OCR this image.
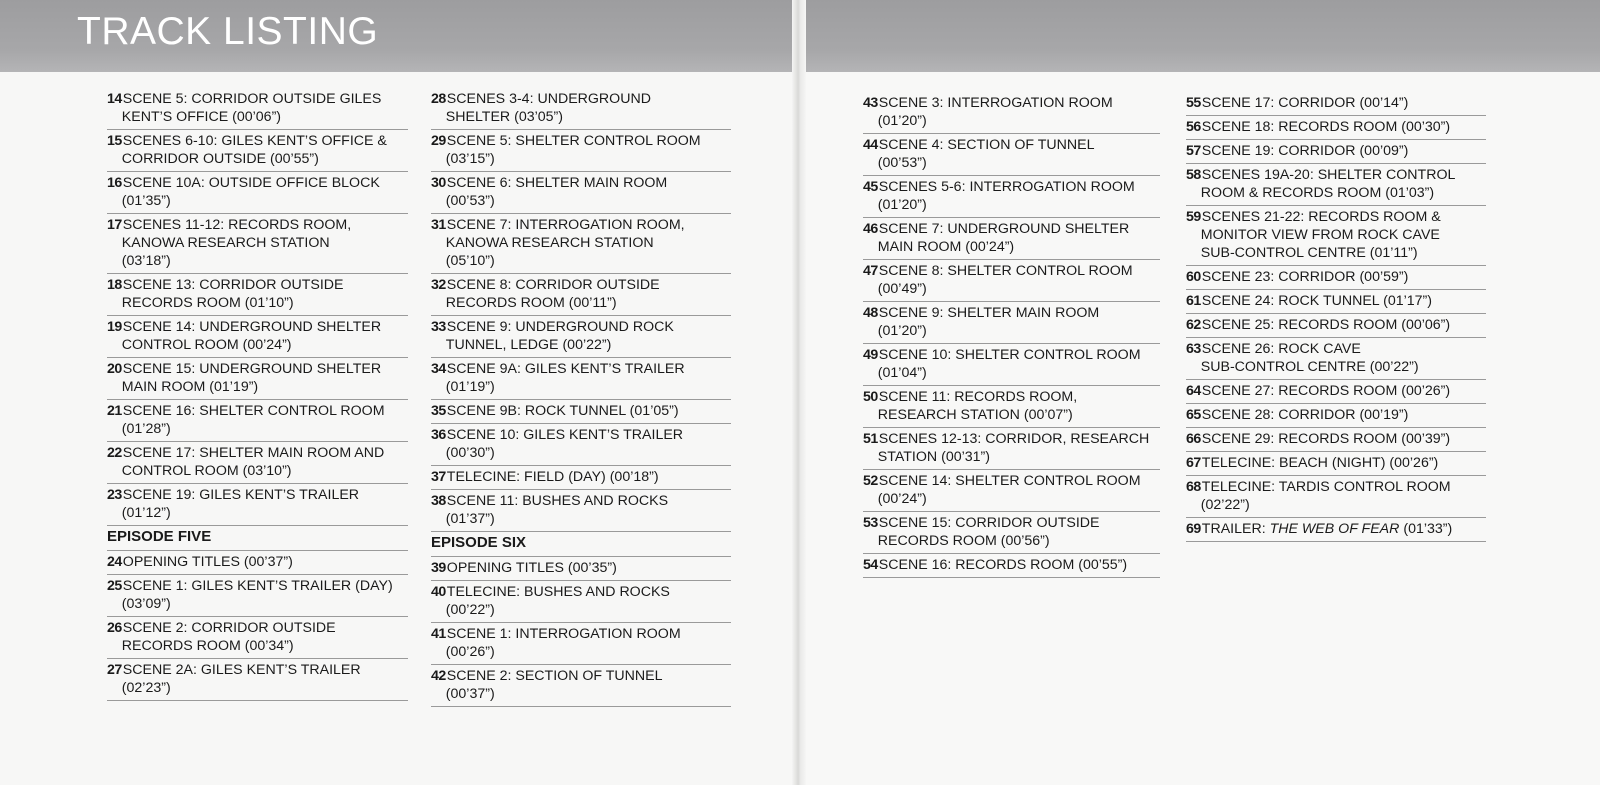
TRACK LISTING
14 SCENE 5: CORRIDOR OUTSIDE GILES
KENT’S OFFICE (00’06”)
15 SCENES 6-10: GILES KENT’S OFFICE &
CORRIDOR OUTSIDE (00’55”)
16 SCENE 10A: OUTSIDE OFFICE BLOCK
(01’35”)
17 SCENES 11-12: RECORDS ROOM,
KANOWA RESEARCH STATION
(03’18”)
18 SCENE 13: CORRIDOR OUTSIDE
RECORDS ROOM (01’10”)
19 SCENE 14: UNDERGROUND SHELTER
CONTROL ROOM (00’24”)
20 SCENE 15: UNDERGROUND SHELTER
MAIN ROOM (01’19”)
21 SCENE 16: SHELTER CONTROL ROOM
(01’28”)
22 SCENE 17: SHELTER MAIN ROOM AND
CONTROL ROOM (03’10”)
23 SCENE 19: GILES KENT’S TRAILER
(01’12”)
EPISODE FIVE
24 OPENING TITLES (00’37”)
25 SCENE 1: GILES KENT’S TRAILER (DAY)
(03’09”)
26 SCENE 2: CORRIDOR OUTSIDE
RECORDS ROOM (00’34”)
27 SCENE 2A: GILES KENT’S TRAILER
(02’23”)
28 SCENES 3-4: UNDERGROUND
SHELTER (03’05”)
29 SCENE 5: SHELTER CONTROL ROOM
(03’15”)
30 SCENE 6: SHELTER MAIN ROOM
(00’53”)
31 SCENE 7: INTERROGATION ROOM,
KANOWA RESEARCH STATION
(05’10”)
32 SCENE 8: CORRIDOR OUTSIDE
RECORDS ROOM (00’11”)
33 SCENE 9: UNDERGROUND ROCK
TUNNEL, LEDGE (00’22”)
34 SCENE 9A: GILES KENT’S TRAILER
(01’19”)
35 SCENE 9B: ROCK TUNNEL (01’05”)
36 SCENE 10: GILES KENT’S TRAILER
(00’30”)
37 TELECINE: FIELD (DAY) (00’18”)
38 SCENE 11: BUSHES AND ROCKS
(01’37”)
EPISODE SIX
39 OPENING TITLES (00’35”)
40 TELECINE: BUSHES AND ROCKS
(00’22”)
41 SCENE 1: INTERROGATION ROOM
(00’26”)
42 SCENE 2: SECTION OF TUNNEL
(00’37”)
43 SCENE 3: INTERROGATION ROOM
(01’20”)
44 SCENE 4: SECTION OF TUNNEL
(00’53”)
45 SCENES 5-6: INTERROGATION ROOM
(01’20”)
46 SCENE 7: UNDERGROUND SHELTER
MAIN ROOM (00’24”)
47 SCENE 8: SHELTER CONTROL ROOM
(00’49”)
48 SCENE 9: SHELTER MAIN ROOM
(01’20”)
49 SCENE 10: SHELTER CONTROL ROOM
(01’04”)
50 SCENE 11: RECORDS ROOM,
RESEARCH STATION (00’07”)
51 SCENES 12-13: CORRIDOR, RESEARCH
STATION (00’31”)
52 SCENE 14: SHELTER CONTROL ROOM
(00’24”)
53 SCENE 15: CORRIDOR OUTSIDE
RECORDS ROOM (00’56”)
54 SCENE 16: RECORDS ROOM (00’55”)
55 SCENE 17: CORRIDOR (00’14”)
56 SCENE 18: RECORDS ROOM (00’30”)
57 SCENE 19: CORRIDOR (00’09”)
58 SCENES 19A-20: SHELTER CONTROL
ROOM & RECORDS ROOM (01’03”)
59 SCENES 21-22: RECORDS ROOM &
MONITOR VIEW FROM ROCK CAVE
SUB-CONTROL CENTRE (01’11”)
60 SCENE 23: CORRIDOR (00’59”)
61 SCENE 24: ROCK TUNNEL (01’17”)
62 SCENE 25: RECORDS ROOM (00’06”)
63 SCENE 26: ROCK CAVE
SUB-CONTROL CENTRE (00’22”)
64 SCENE 27: RECORDS ROOM (00’26”)
65 SCENE 28: CORRIDOR (00’19”)
66 SCENE 29: RECORDS ROOM (00’39”)
67 TELECINE: BEACH (NIGHT) (00’26”)
68 TELECINE: TARDIS CONTROL ROOM
(02’22”)
69 TRAILER: THE WEB OF FEAR (01’33”)
